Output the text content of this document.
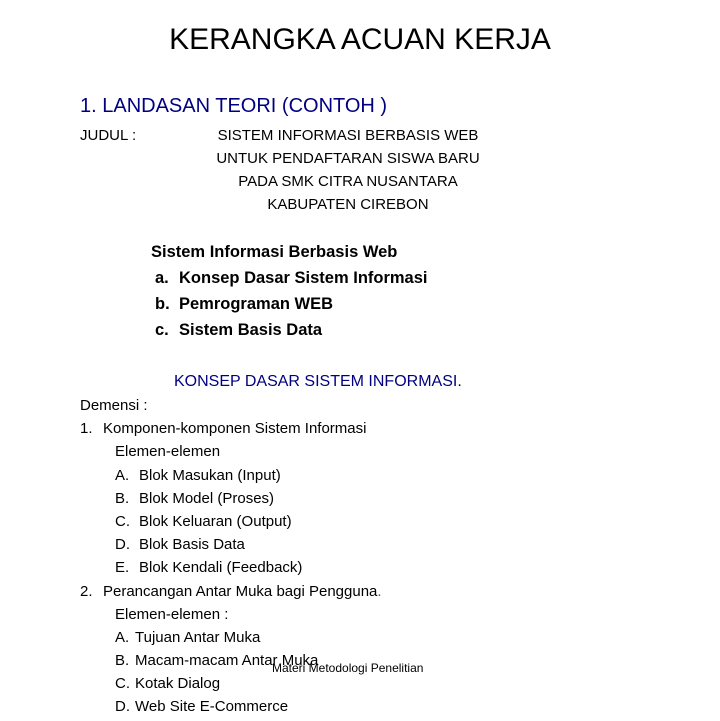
KERANGKA ACUAN KERJA
1. LANDASAN TEORI (CONTOH )
JUDUL :	SISTEM INFORMASI BERBASIS WEB
UNTUK PENDAFTARAN SISWA BARU
PADA SMK CITRA NUSANTARA
KABUPATEN CIREBON
Sistem Informasi Berbasis Web
a. Konsep Dasar Sistem Informasi
b. Pemrograman WEB
c. Sistem Basis Data
KONSEP DASAR SISTEM INFORMASI.
Demensi :
1. Komponen-komponen Sistem Informasi
Elemen-elemen
A. Blok Masukan (Input)
B. Blok Model (Proses)
C. Blok Keluaran (Output)
D. Blok Basis Data
E. Blok Kendali (Feedback)
2. Perancangan Antar Muka bagi Pengguna.
Elemen-elemen :
A. Tujuan Antar Muka
B. Macam-macam Antar Muka
C. Kotak Dialog
D. Web Site E-Commerce
Materi Metodologi Penelitian
